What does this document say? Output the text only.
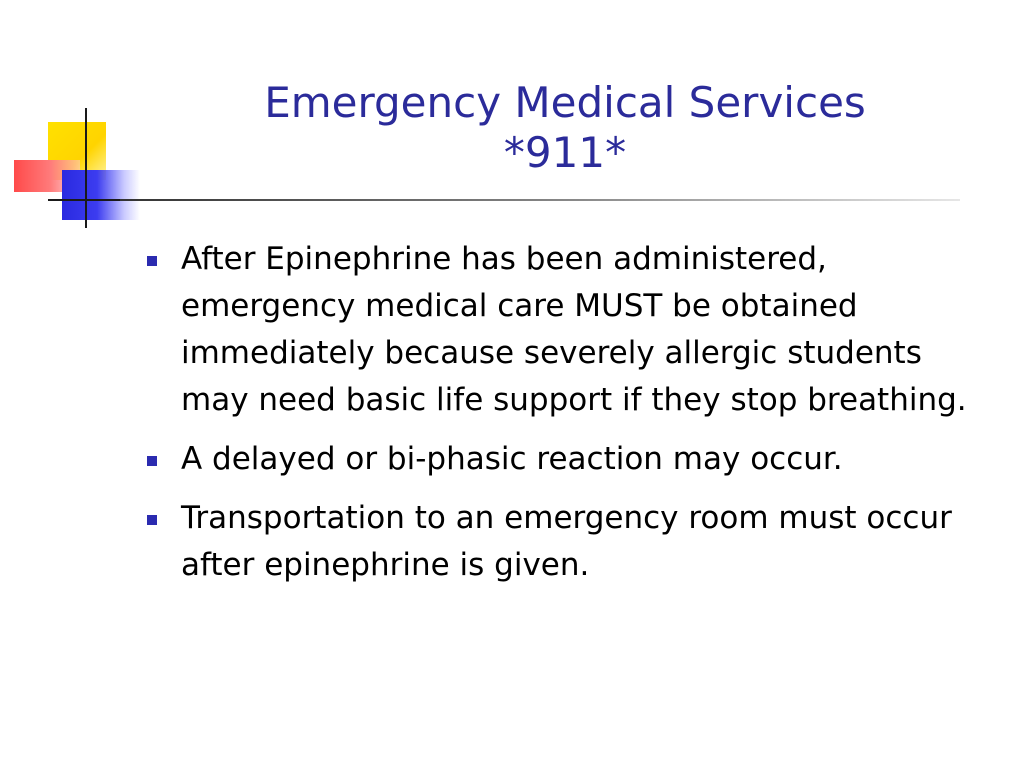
Emergency Medical Services
*911*
After Epinephrine has been administered, emergency medical care MUST be obtained immediately because severely allergic students may need basic life support if they stop breathing.
A delayed or bi-phasic reaction may occur.
Transportation to an emergency room must occur after epinephrine is given.
